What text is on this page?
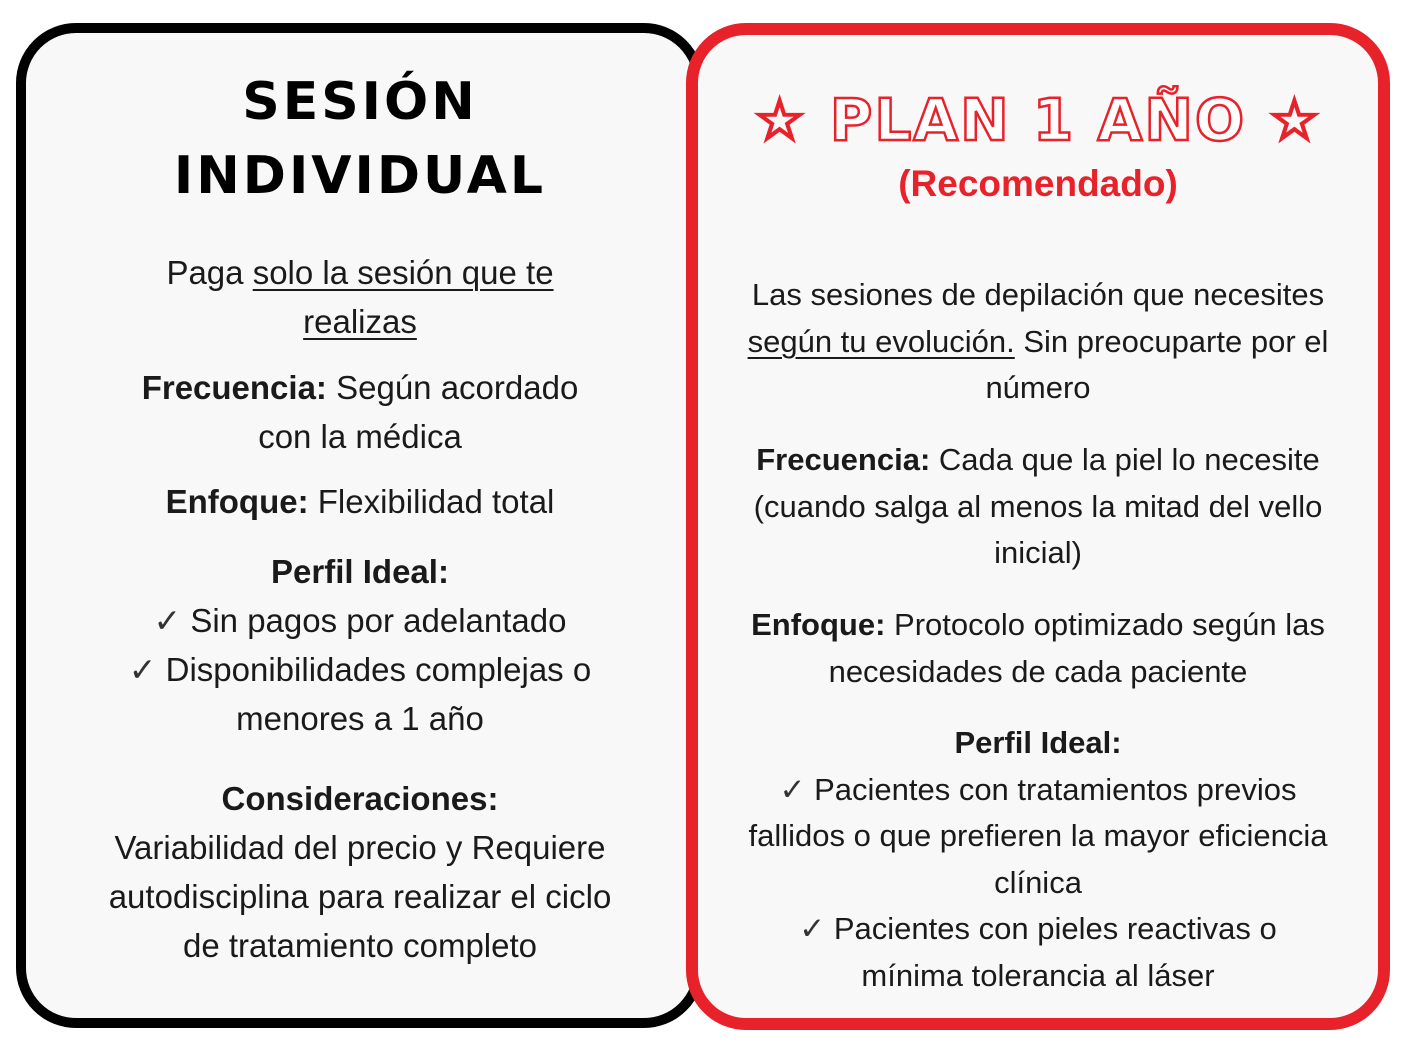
SESIÓN
INDIVIDUAL
Paga solo la sesión que te realizas
Frecuencia: Según acordado con la médica
Enfoque: Flexibilidad total
Perfil Ideal:
✓ Sin pagos por adelantado
✓ Disponibilidades complejas o menores a 1 año
Consideraciones:
Variabilidad del precio y Requiere autodisciplina para realizar el ciclo de tratamiento completo
☆ PLAN 1 AÑO ☆
(Recomendado)
Las sesiones de depilación que necesites según tu evolución. Sin preocuparte por el número
Frecuencia: Cada que la piel lo necesite (cuando salga al menos la mitad del vello inicial)
Enfoque: Protocolo optimizado según las necesidades de cada paciente
Perfil Ideal:
✓ Pacientes con tratamientos previos fallidos o que prefieren la mayor eficiencia clínica
✓ Pacientes con pieles reactivas o mínima tolerancia al láser
